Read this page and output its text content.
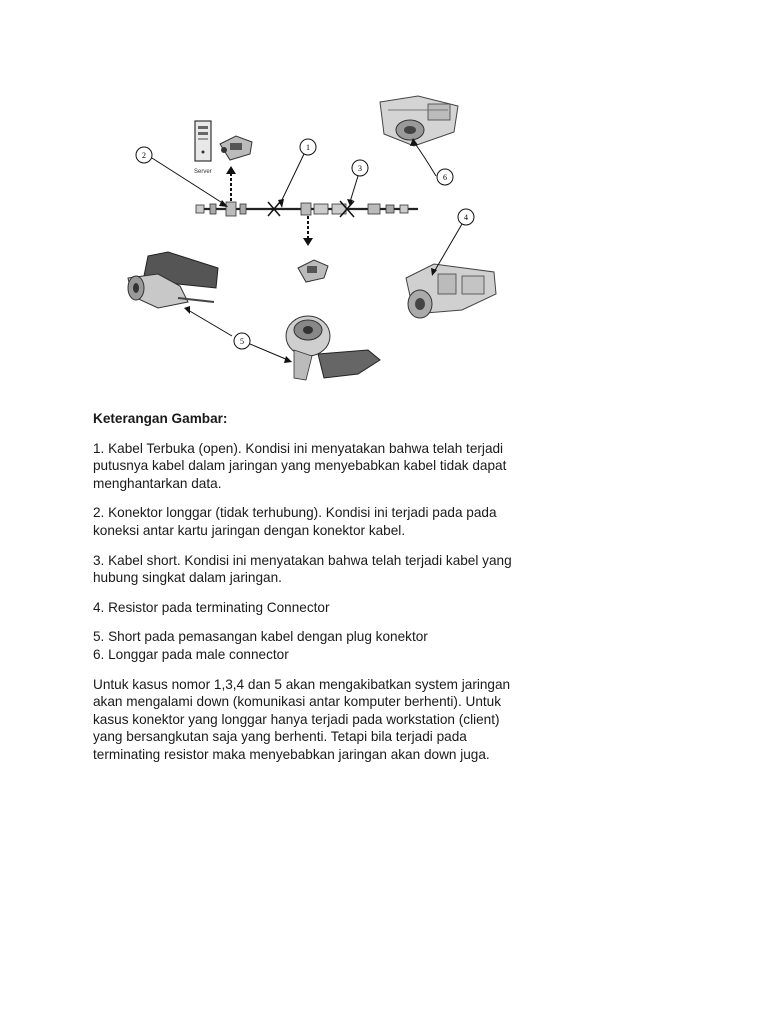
Server
2
1
3
6
4
5

Keterangan Gambar:

1. Kabel Terbuka (open). Kondisi ini menyatakan bahwa telah terjadi putusnya kabel dalam jaringan yang menyebabkan kabel tidak dapat menghantarkan data.

2. Konektor longgar (tidak terhubung). Kondisi ini terjadi pada pada koneksi antar kartu jaringan dengan konektor kabel.

3. Kabel short. Kondisi ini menyatakan bahwa telah terjadi kabel yang hubung singkat dalam jaringan.

4. Resistor pada terminating Connector

5. Short pada pemasangan kabel dengan plug konektor

6. Longgar pada male connector

Untuk kasus nomor 1,3,4 dan 5 akan mengakibatkan system jaringan akan mengalami down (komunikasi antar komputer berhenti). Untuk kasus konektor yang longgar hanya terjadi pada workstation (client) yang bersangkutan saja yang berhenti. Tetapi bila terjadi pada terminating resistor maka menyebabkan jaringan akan down juga.
